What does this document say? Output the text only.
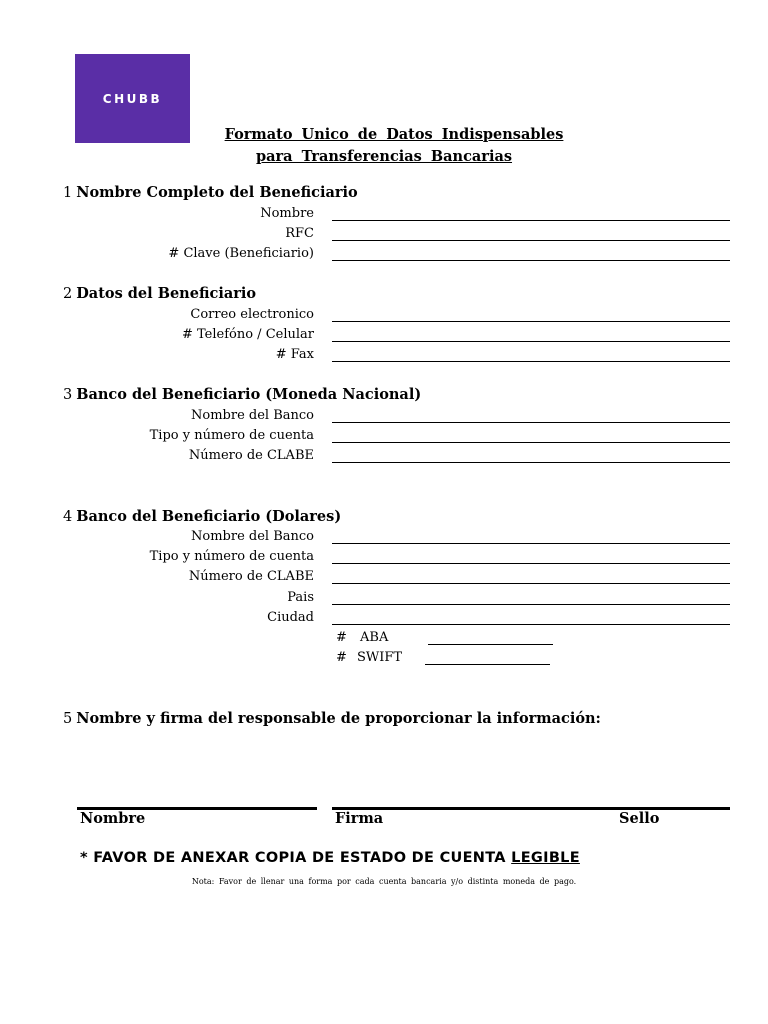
CHUBB
Formato Unico de Datos Indispensables
para Transferencias Bancarias
1 Nombre Completo del Beneficiario
Nombre
RFC
# Clave (Beneficiario)
2 Datos del Beneficiario
Correo electronico
# Telefóno / Celular
# Fax
3 Banco del Beneficiario (Moneda Nacional)
Nombre del Banco
Tipo y número de cuenta
Número de CLABE
4 Banco del Beneficiario (Dolares)
Nombre del Banco
Tipo y número de cuenta
Número de CLABE
Pais
Ciudad
# ABA
# SWIFT
5 Nombre y firma del responsable de proporcionar la información:
Nombre	Firma	Sello
* FAVOR DE ANEXAR COPIA DE ESTADO DE CUENTA LEGIBLE
Nota: Favor de llenar una forma por cada cuenta bancaria y/o distinta moneda de pago.
